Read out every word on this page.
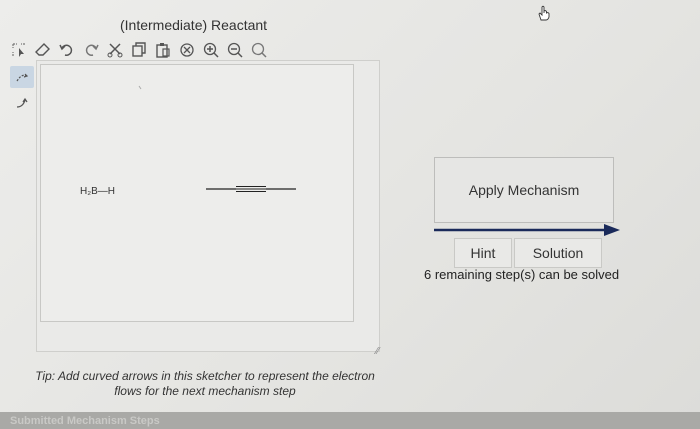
(Intermediate) Reactant
H₂B—H
⁄⁄
Tip: Add curved arrows in this sketcher to represent the electron flows for the next mechanism step
Apply Mechanism
Hint	Solution
6 remaining step(s) can be solved
Submitted Mechanism Steps
